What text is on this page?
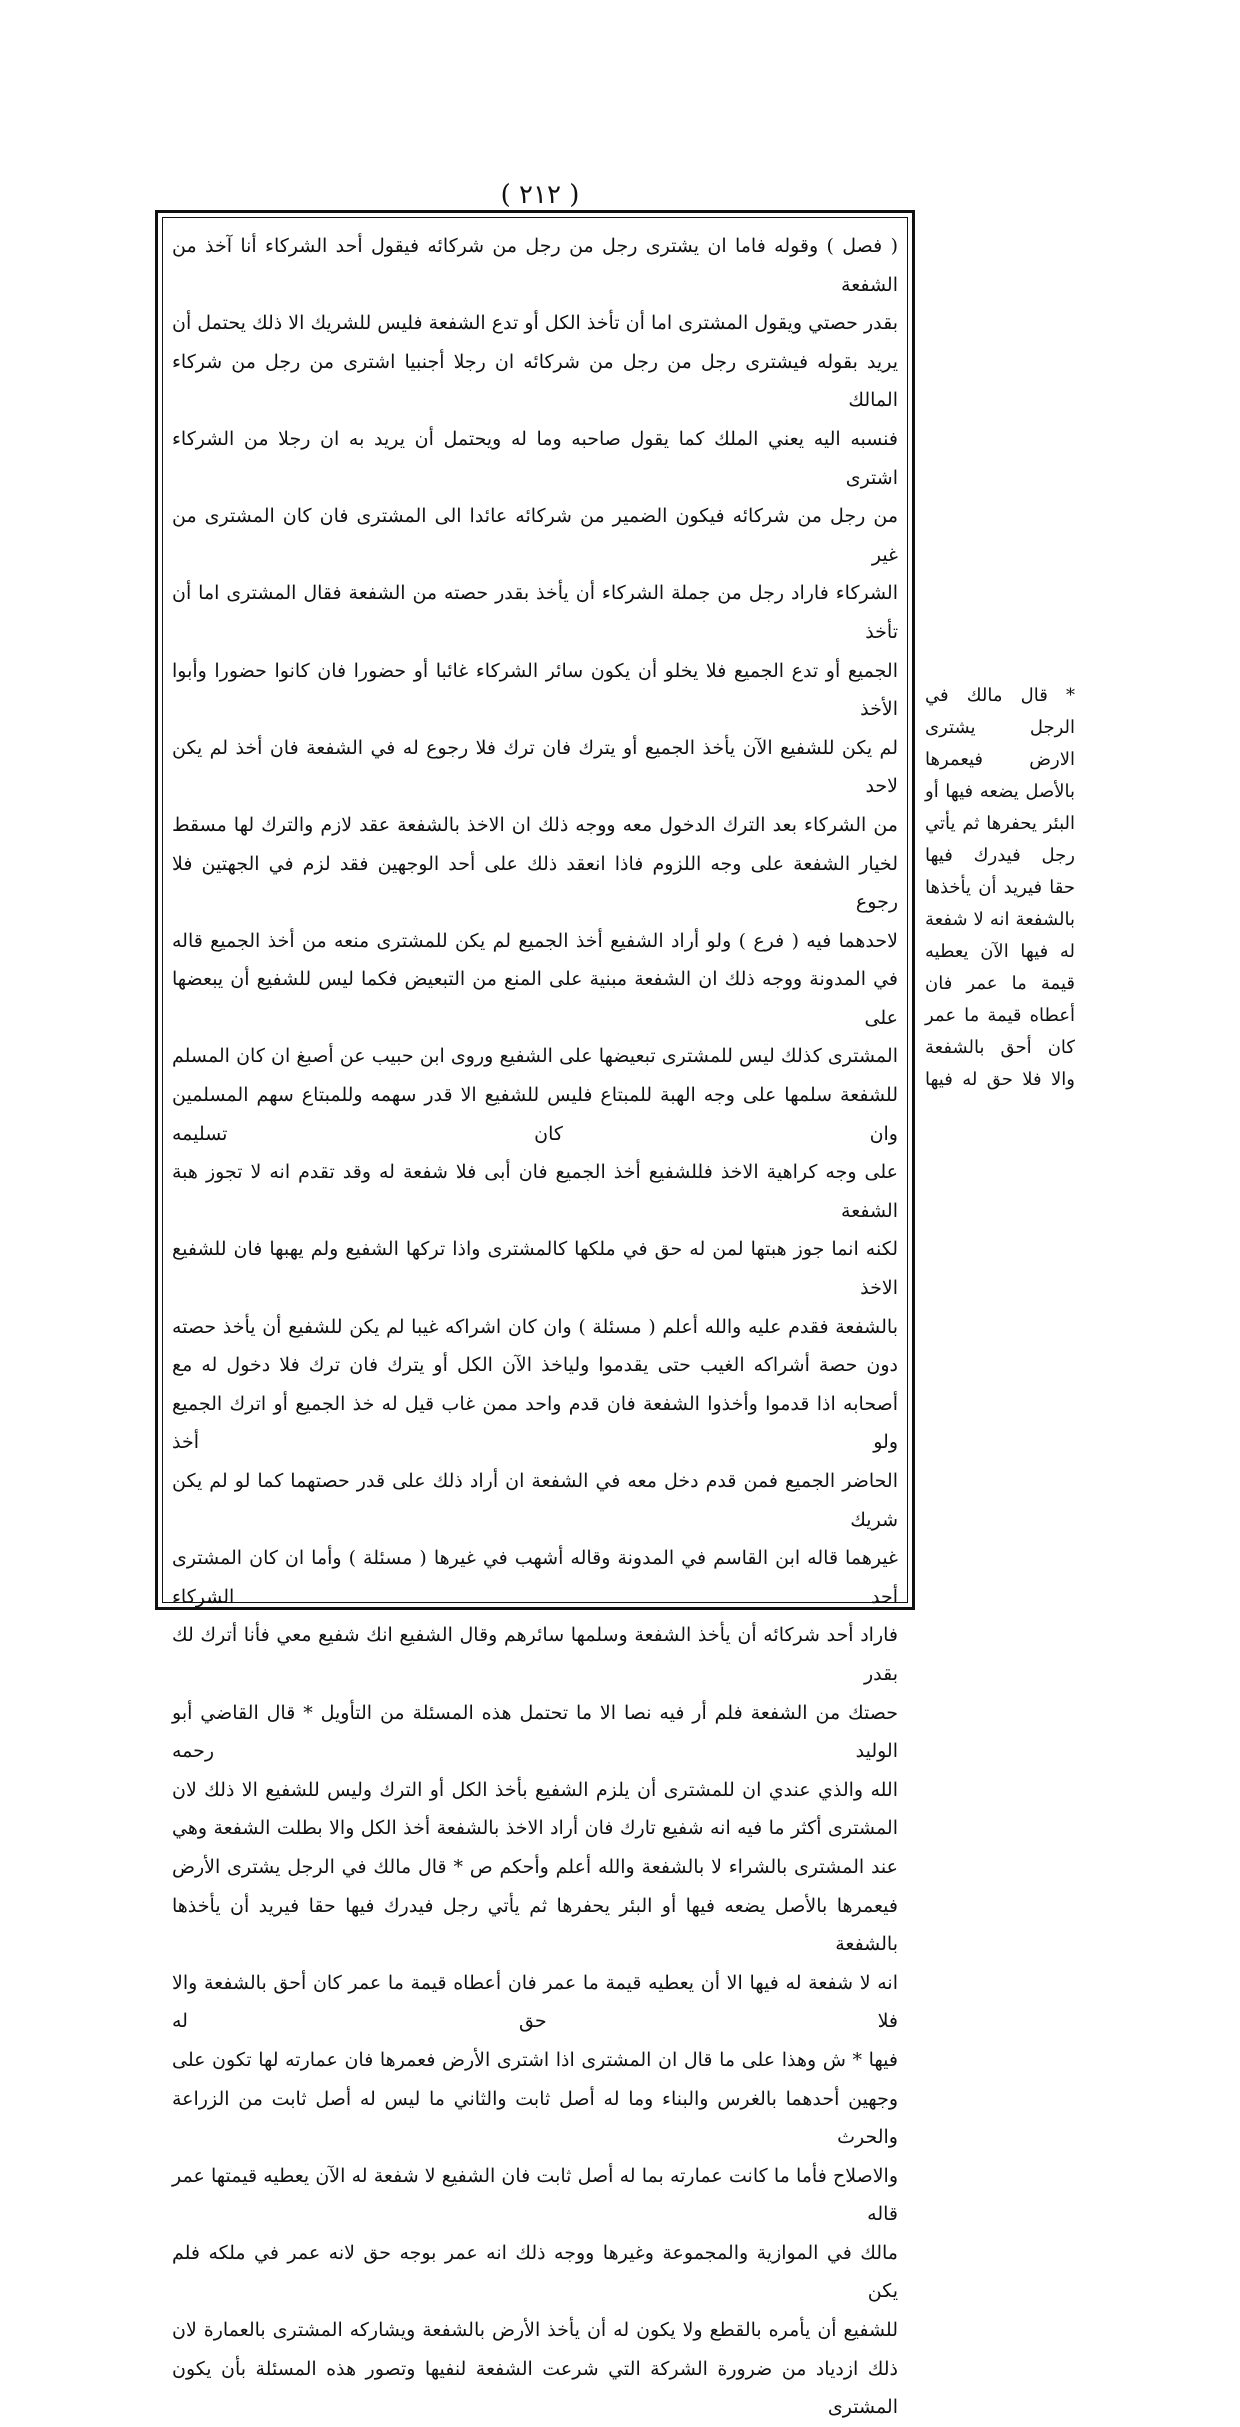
( ٢١٢ )

( فصل ) وقوله فاما ان يشترى رجل من رجل من شركائه فيقول أحد الشركاء أنا آخذ من الشفعة

بقدر حصتي ويقول المشترى اما أن تأخذ الكل أو تدع الشفعة فليس للشريك الا ذلك يحتمل أن

يريد بقوله فيشترى رجل من رجل من شركائه ان رجلا أجنبيا اشترى من رجل من شركاء المالك

فنسبه اليه يعني الملك كما يقول صاحبه وما له ويحتمل أن يريد به ان رجلا من الشركاء اشترى

من رجل من شركائه فيكون الضمير من شركائه عائدا الى المشترى فان كان المشترى من غير

الشركاء فاراد رجل من جملة الشركاء أن يأخذ بقدر حصته من الشفعة فقال المشترى اما أن تأخذ

الجميع أو تدع الجميع فلا يخلو أن يكون سائر الشركاء غائبا أو حضورا فان كانوا حضورا وأبوا الأخذ

لم يكن للشفيع الآن يأخذ الجميع أو يترك فان ترك فلا رجوع له في الشفعة فان أخذ لم يكن لاحد

من الشركاء بعد الترك الدخول معه ووجه ذلك ان الاخذ بالشفعة عقد لازم والترك لها مسقط

لخيار الشفعة على وجه اللزوم فاذا انعقد ذلك على أحد الوجهين فقد لزم في الجهتين فلا رجوع

لاحدهما فيه ( فرع ) ولو أراد الشفيع أخذ الجميع لم يكن للمشترى منعه من أخذ الجميع قاله

في المدونة ووجه ذلك ان الشفعة مبنية على المنع من التبعيض فكما ليس للشفيع أن يبعضها على

المشترى كذلك ليس للمشترى تبعيضها على الشفيع وروى ابن حبيب عن أصبغ ان كان المسلم

للشفعة سلمها على وجه الهبة للمبتاع فليس للشفيع الا قدر سهمه وللمبتاع سهم المسلمين وان كان تسليمه

على وجه كراهية الاخذ فللشفيع أخذ الجميع فان أبى فلا شفعة له وقد تقدم انه لا تجوز هبة الشفعة

لكنه انما جوز هبتها لمن له حق في ملكها كالمشترى واذا تركها الشفيع ولم يهبها فان للشفيع الاخذ

بالشفعة فقدم عليه والله أعلم ( مسئلة ) وان كان اشراكه غيبا لم يكن للشفيع أن يأخذ حصته

دون حصة أشراكه الغيب حتى يقدموا ولياخذ الآن الكل أو يترك فان ترك فلا دخول له مع

أصحابه اذا قدموا وأخذوا الشفعة فان قدم واحد ممن غاب قيل له خذ الجميع أو اترك الجميع ولو أخذ

الحاضر الجميع فمن قدم دخل معه في الشفعة ان أراد ذلك على قدر حصتهما كما لو لم يكن شريك

غيرهما قاله ابن القاسم في المدونة وقاله أشهب في غيرها ( مسئلة ) وأما ان كان المشترى أحد الشركاء

فاراد أحد شركائه أن يأخذ الشفعة وسلمها سائرهم وقال الشفيع انك شفيع معي فأنا أترك لك بقدر

حصتك من الشفعة فلم أر فيه نصا الا ما تحتمل هذه المسئلة من التأويل * قال القاضي أبو الوليد رحمه

الله والذي عندي ان للمشترى أن يلزم الشفيع بأخذ الكل أو الترك وليس للشفيع الا ذلك لان

المشترى أكثر ما فيه انه شفيع تارك فان أراد الاخذ بالشفعة أخذ الكل والا بطلت الشفعة وهي

عند المشترى بالشراء لا بالشفعة والله أعلم وأحكم ص * قال مالك في الرجل يشترى الأرض

فيعمرها بالأصل يضعه فيها أو البئر يحفرها ثم يأتي رجل فيدرك فيها حقا فيريد أن يأخذها بالشفعة

انه لا شفعة له فيها الا أن يعطيه قيمة ما عمر فان أعطاه قيمة ما عمر كان أحق بالشفعة والا فلا حق له

فيها * ش وهذا على ما قال ان المشترى اذا اشترى الأرض فعمرها فان عمارته لها تكون على

وجهين أحدهما بالغرس والبناء وما له أصل ثابت والثاني ما ليس له أصل ثابت من الزراعة والحرث

والاصلاح فأما ما كانت عمارته بما له أصل ثابت فان الشفيع لا شفعة له الآن يعطيه قيمتها عمر قاله

مالك في الموازية والمجموعة وغيرها ووجه ذلك انه عمر بوجه حق لانه عمر في ملكه فلم يكن

للشفيع أن يأمره بالقطع ولا يكون له أن يأخذ الأرض بالشفعة ويشاركه المشترى بالعمارة لان

ذلك ازدياد من ضرورة الشركة التي شرعت الشفعة لنفيها وتصور هذه المسئلة بأن يكون المشترى

* قال مالك في الرجل يشترى الارض فيعمرها بالأصل يضعه فيها أو البئر يحفرها ثم يأتي رجل فيدرك فيها حقا فيريد أن يأخذها بالشفعة انه لا شفعة له فيها الآن يعطيه قيمة ما عمر فان أعطاه قيمة ما عمر كان أحق بالشفعة والا فلا حق له فيها
